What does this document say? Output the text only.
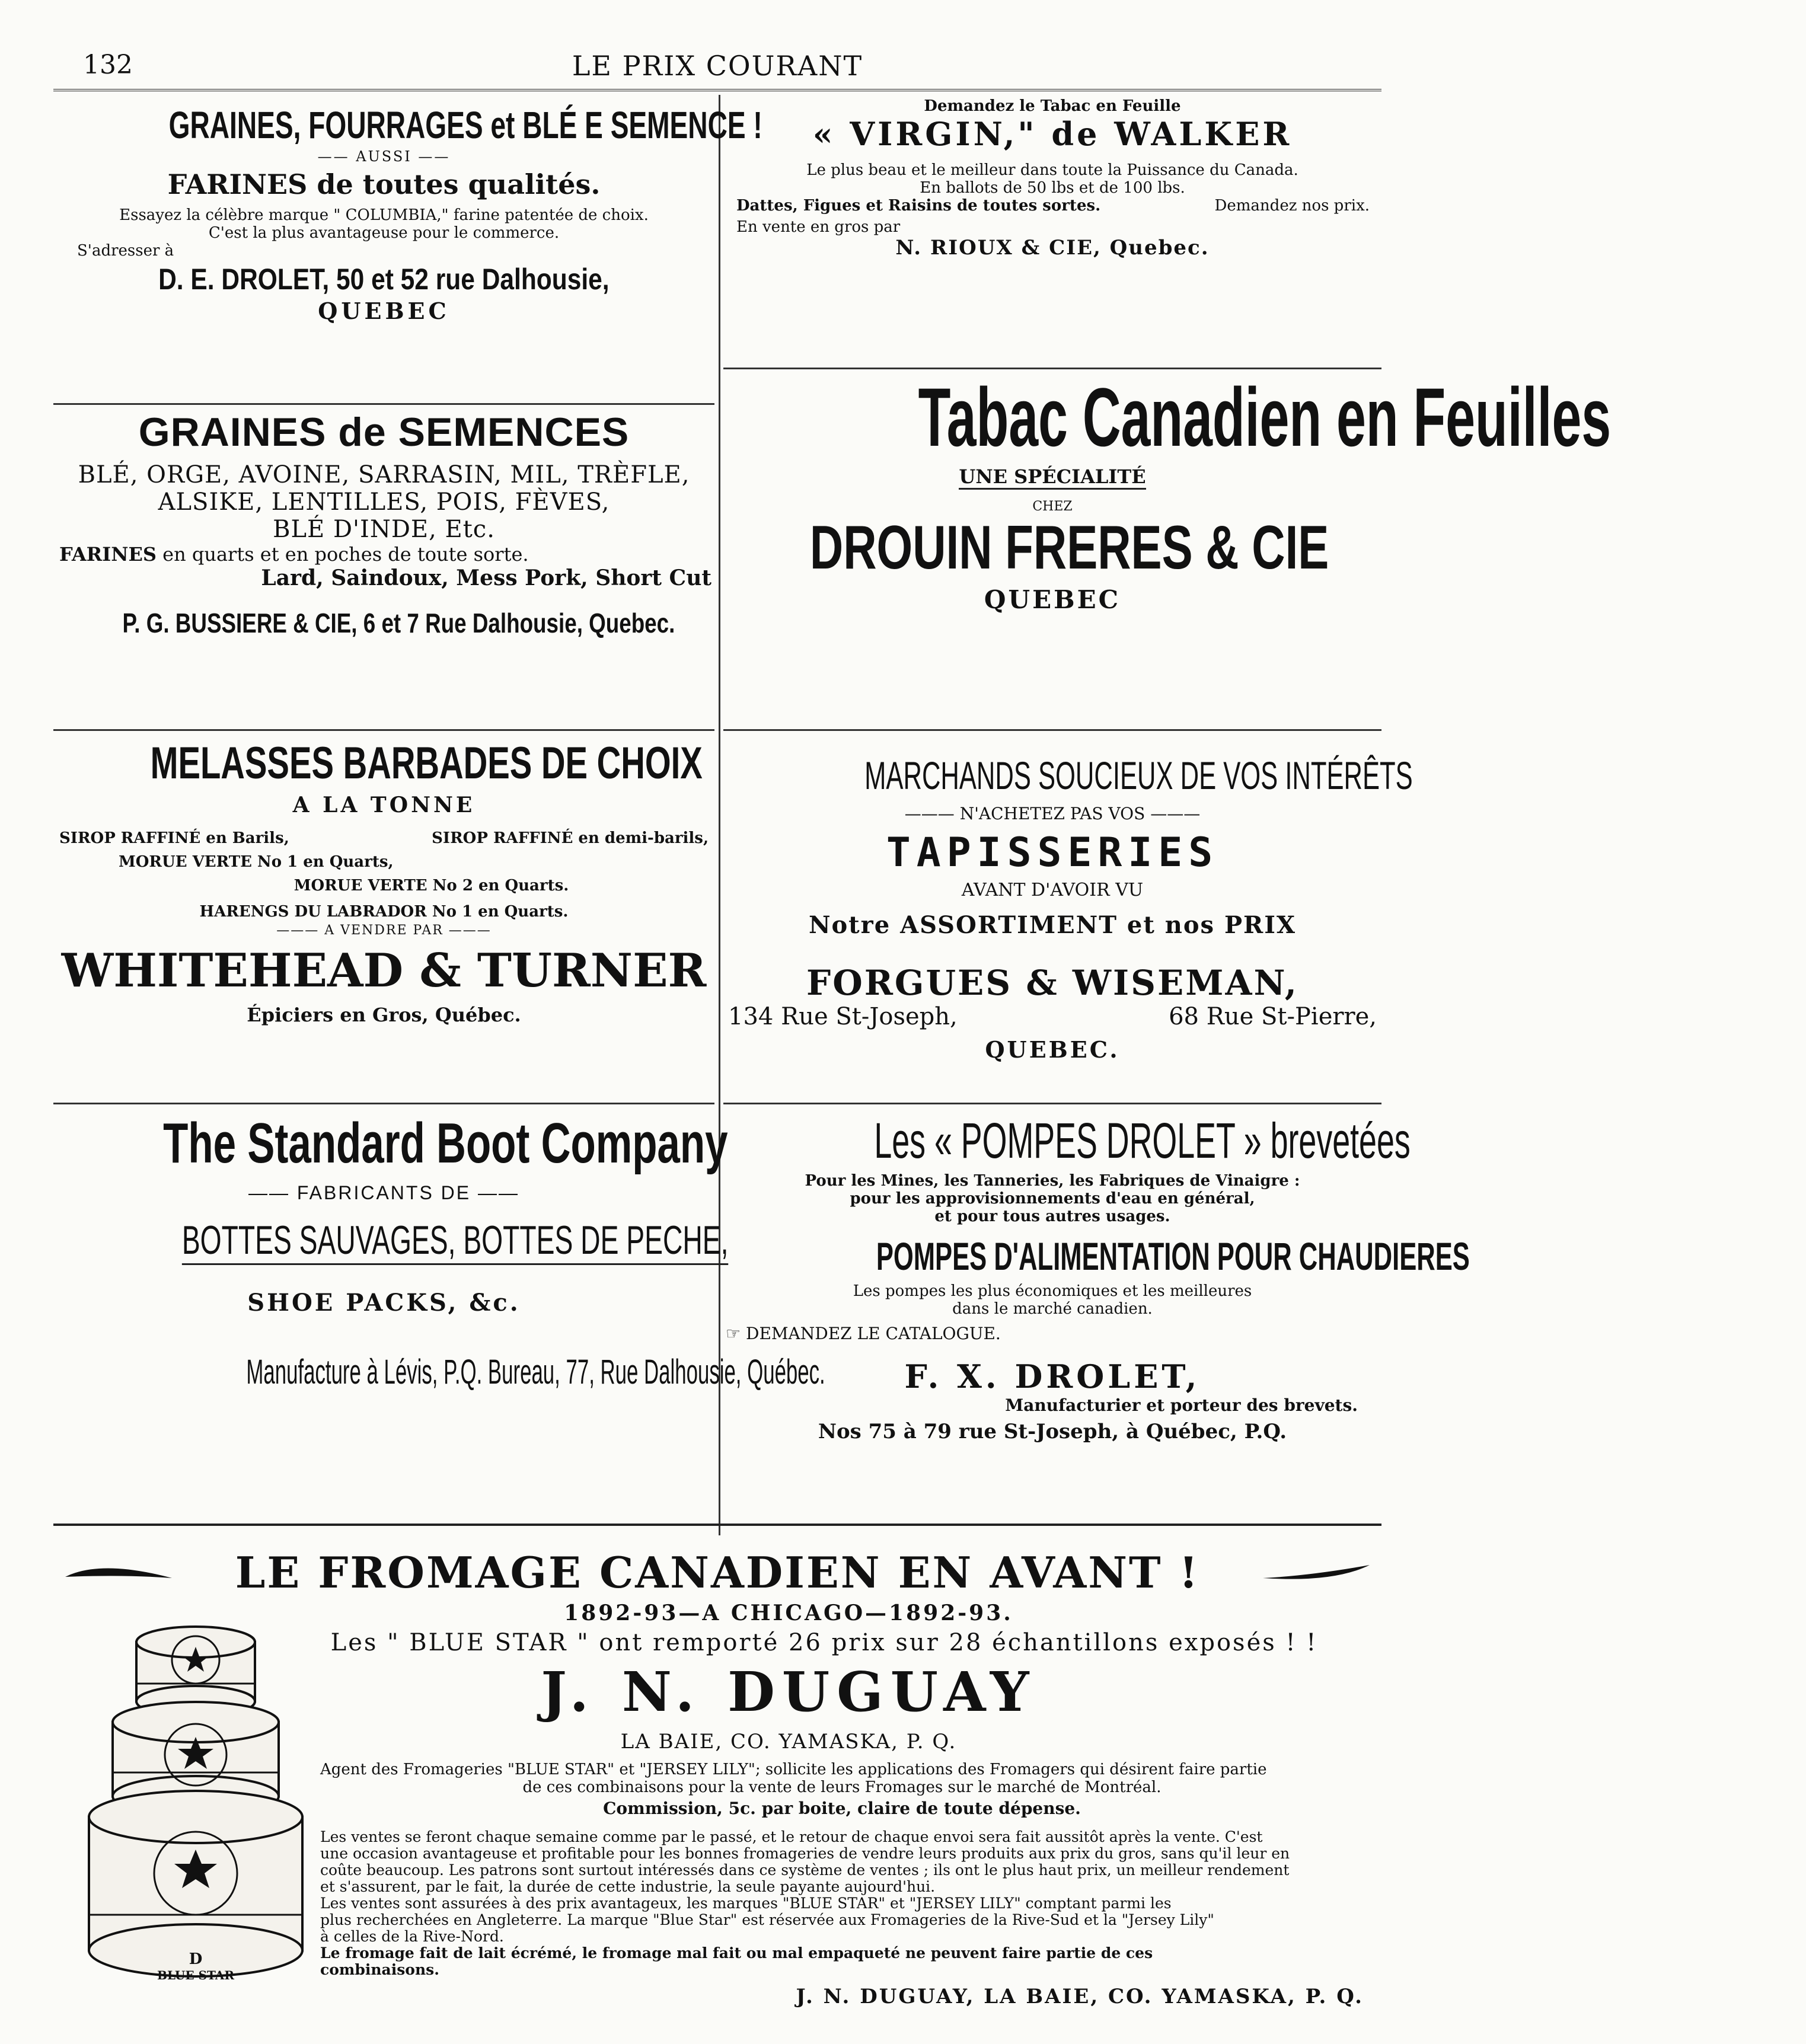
132	LE PRIX COURANT
GRAINES, FOURRAGES et BLÉ E SEMENCE !
—— AUSSI ——
FARINES de toutes qualités.
Essayez la célèbre marque " COLUMBIA," farine patentée de choix.
C'est la plus avantageuse pour le commerce.
S'adresser à
D. E. DROLET, 50 et 52 rue Dalhousie,
QUEBEC
GRAINES de SEMENCES
BLÉ, ORGE, AVOINE, SARRASIN, MIL, TRÈFLE,
ALSIKE, LENTILLES, POIS, FÈVES,
BLÉ D'INDE, Etc.
FARINES en quarts et en poches de toute sorte.
Lard, Saindoux, Mess Pork, Short Cut
P. G. BUSSIERE & CIE, 6 et 7 Rue Dalhousie, Quebec.
MELASSES BARBADES DE CHOIX
A LA TONNE
SIROP RAFFINÉ en Barils,	SIROP RAFFINÉ en demi-barils,
MORUE VERTE No 1 en Quarts,
MORUE VERTE No 2 en Quarts.
HARENGS DU LABRADOR No 1 en Quarts.
——— A VENDRE PAR ———
WHITEHEAD & TURNER
Épiciers en Gros, Québec.
The Standard Boot Company
—— FABRICANTS DE ——
BOTTES SAUVAGES, BOTTES DE PECHE,
SHOE PACKS, &c.
Manufacture à Lévis, P.Q. Bureau, 77, Rue Dalhousie, Québec.
Demandez le Tabac en Feuille
« VIRGIN," de WALKER
Le plus beau et le meilleur dans toute la Puissance du Canada.
En ballots de 50 lbs et de 100 lbs.
Dattes, Figues et Raisins de toutes sortes.	Demandez nos prix.
En vente en gros par
N. RIOUX & CIE, Quebec.
Tabac Canadien en Feuilles UNE SPÉCIALITÉ
CHEZ
DROUIN FRERES & CIE
QUEBEC
MARCHANDS SOUCIEUX DE VOS INTÉRÊTS
——— N'ACHETEZ PAS VOS ———
TAPISSERIES
AVANT D'AVOIR VU
Notre ASSORTIMENT et nos PRIX
FORGUES & WISEMAN,
134 Rue St-Joseph,	68 Rue St-Pierre,
QUEBEC.
Les « POMPES DROLET » brevetées
Pour les Mines, les Tanneries, les Fabriques de Vinaigre :
pour les approvisionnements d'eau en général,
et pour tous autres usages.
POMPES D'ALIMENTATION POUR CHAUDIERES
Les pompes les plus économiques et les meilleures
dans le marché canadien.
☞ DEMANDEZ LE CATALOGUE.
F. X. DROLET,
Manufacturier et porteur des brevets.
Nos 75 à 79 rue St-Joseph, à Québec, P.Q.
LE FROMAGE CANADIEN EN AVANT !
1892-93—A CHICAGO—1892-93.
Les " BLUE STAR " ont remporté 26 prix sur 28 échantillons exposés ! !
J. N. DUGUAY
LA BAIE, CO. YAMASKA, P. Q.
D
BLUE STAR
Agent des Fromageries "BLUE STAR" et "JERSEY LILY"; sollicite les applications des Fromagers qui désirent faire partie
de ces combinaisons pour la vente de leurs Fromages sur le marché de Montréal.
Commission, 5c. par boite, claire de toute dépense.
Les ventes se feront chaque semaine comme par le passé, et le retour de chaque envoi sera fait aussitôt après la vente. C'est
une occasion avantageuse et profitable pour les bonnes fromageries de vendre leurs produits aux prix du gros, sans qu'il leur en
coûte beaucoup. Les patrons sont surtout intéressés dans ce système de ventes ; ils ont le plus haut prix, un meilleur rendement
et s'assurent, par le fait, la durée de cette industrie, la seule payante aujourd'hui.
Les ventes sont assurées à des prix avantageux, les marques "BLUE STAR" et "JERSEY LILY" comptant parmi les
plus recherchées en Angleterre. La marque "Blue Star" est réservée aux Fromageries de la Rive-Sud et la "Jersey Lily"
à celles de la Rive-Nord.
Le fromage fait de lait écrémé, le fromage mal fait ou mal empaqueté ne peuvent faire partie de ces
combinaisons.
J. N. DUGUAY, LA BAIE, CO. YAMASKA, P. Q.
